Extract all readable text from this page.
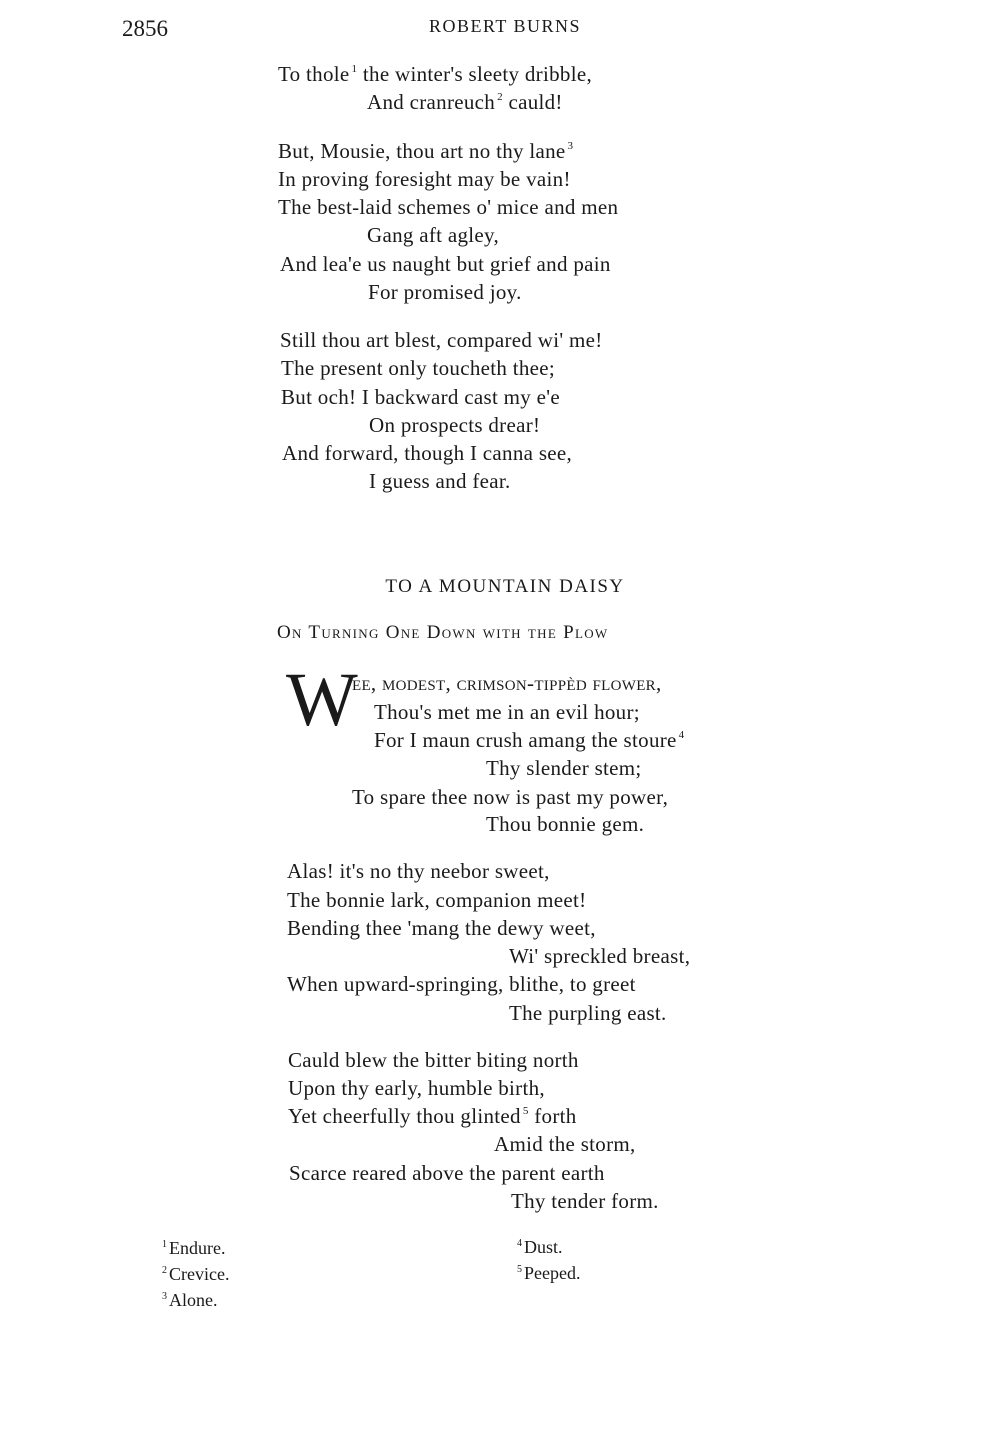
2856	ROBERT BURNS
To thole $^1$ the winter's sleety dribble,
And cranreuch $^2$ cauld!
But, Mousie, thou art no thy lane $^3$
In proving foresight may be vain!
The best-laid schemes o' mice and men
Gang aft agley,
And lea'e us naught but grief and pain
For promised joy.
Still thou art blest, compared wi' me!
The present only toucheth thee;
But och! I backward cast my e'e
On prospects drear!
And forward, though I canna see,
I guess and fear.
TO A MOUNTAIN DAISY
On Turning One Down with the Plow
W
ee, modest, crimson-tippèd flower,
Thou's met me in an evil hour;
For I maun crush amang the stoure $^4$
Thy slender stem;
To spare thee now is past my power,
Thou bonnie gem.
Alas! it's no thy neebor sweet,
The bonnie lark, companion meet!
Bending thee 'mang the dewy weet,
Wi' spreckled breast,
When upward-springing, blithe, to greet
The purpling east.
Cauld blew the bitter biting north
Upon thy early, humble birth,
Yet cheerfully thou glinted $^5$ forth
Amid the storm,
Scarce reared above the parent earth
Thy tender form.
$^1$ Endure.
$^2$ Crevice.
$^3$ Alone.
$^4$ Dust.
$^5$ Peeped.
